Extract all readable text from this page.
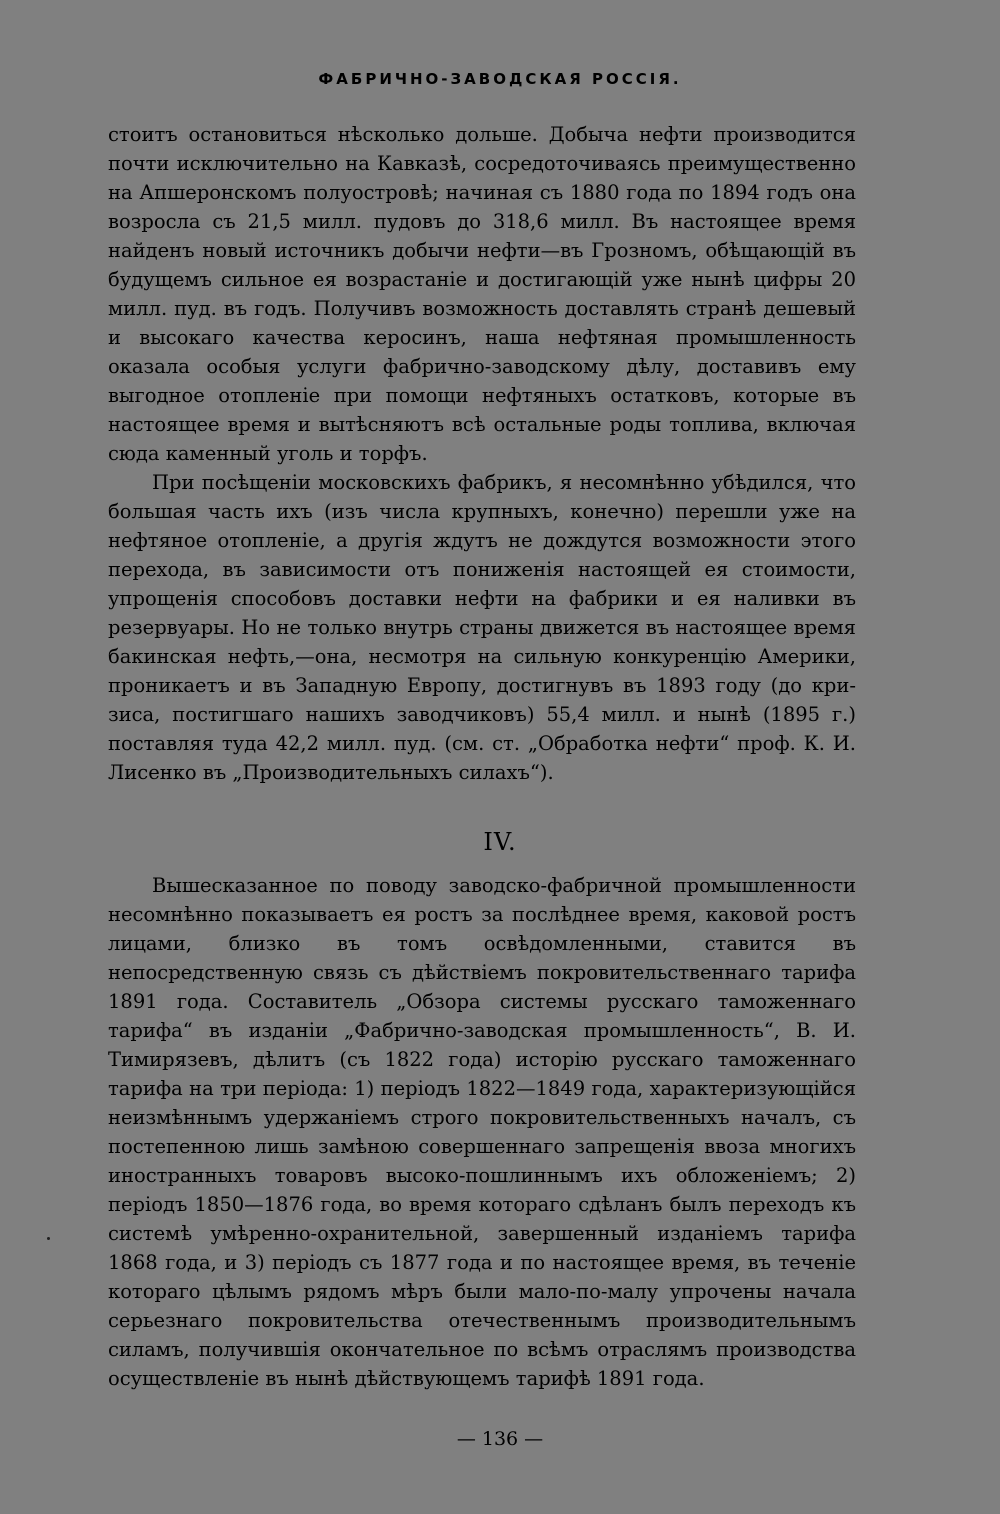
ФАБРИЧНО-ЗАВОДСКАЯ РОССІЯ.

стоитъ остановиться нѣсколько дольше. Добыча нефти производится почти исключительно на Кавказѣ, сосредоточиваясь преимущественно на Апшеронскомъ полуостровѣ; начиная съ 1880 года по 1894 годъ она возросла съ 21,5 милл. пудовъ до 318,6 милл. Въ настоящее время найденъ новый источникъ добычи нефти—въ Грозномъ, обѣщающій въ будущемъ сильное ея возрастаніе и достигающій уже нынѣ цифры 20 милл. пуд. въ годъ. Получивъ возможность доставлять странѣ дешевый и высокаго качества керосинъ, наша нефтяная промышленность оказала особыя услуги фабрично-заводскому дѣлу, доставивъ ему выгодное отопленіе при помощи нефтяныхъ остатковъ, которые въ настоящее время и вытѣсняютъ всѣ остальные роды топлива, включая сюда каменный уголь и торфъ.

При посѣщеніи московскихъ фабрикъ, я несомнѣнно убѣдился, что большая часть ихъ (изъ числа крупныхъ, конечно) перешли уже на нефтяное отопленіе, а другія ждутъ не дождутся возможности этого перехода, въ зависимости отъ пониженія настоящей ея стоимости, упрощенія способовъ доставки нефти на фабрики и ея наливки въ резервуары. Но не только внутрь страны движется въ настоящее время бакинская нефть,—она, несмотря на сильную конкуренцію Америки, проникаетъ и въ Западную Европу, достигнувъ въ 1893 году (до кризиса, постигшаго нашихъ заводчиковъ) 55,4 милл. и нынѣ (1895 г.) поставляя туда 42,2 милл. пуд. (см. ст. „Обработка нефти“ проф. К. И. Лисенко въ „Производительныхъ силахъ“).

IV.

Вышесказанное по поводу заводско-фабричной промышленности несомнѣнно показываетъ ея ростъ за послѣднее время, каковой ростъ лицами, близко въ томъ освѣдомленными, ставится въ непосредственную связь съ дѣйствіемъ покровительственнаго тарифа 1891 года. Составитель „Обзора системы русскаго таможеннаго тарифа“ въ изданіи „Фабрично-заводская промышленность“, В. И. Тимирязевъ, дѣлитъ (съ 1822 года) исторію русскаго таможеннаго тарифа на три періода: 1) періодъ 1822—1849 года, характеризующійся неизмѣннымъ удержаніемъ строго покровительственныхъ началъ, съ постепенною лишь замѣною совершеннаго запрещенія ввоза многихъ иностранныхъ товаровъ высоко-пошлиннымъ ихъ обложеніемъ; 2) періодъ 1850—1876 года, во время котораго сдѣланъ былъ переходъ къ системѣ умѣренно-охранительной, завершенный изданіемъ тарифа 1868 года, и 3) періодъ съ 1877 года и по настоящее время, въ теченіе котораго цѣлымъ рядомъ мѣръ были мало-по-малу упрочены начала серьезнаго покровительства отечественнымъ производительнымъ силамъ, получившія окончательное по всѣмъ отраслямъ производства осуществленіе въ нынѣ дѣйствующемъ тарифѣ 1891 года.

— 136 —
